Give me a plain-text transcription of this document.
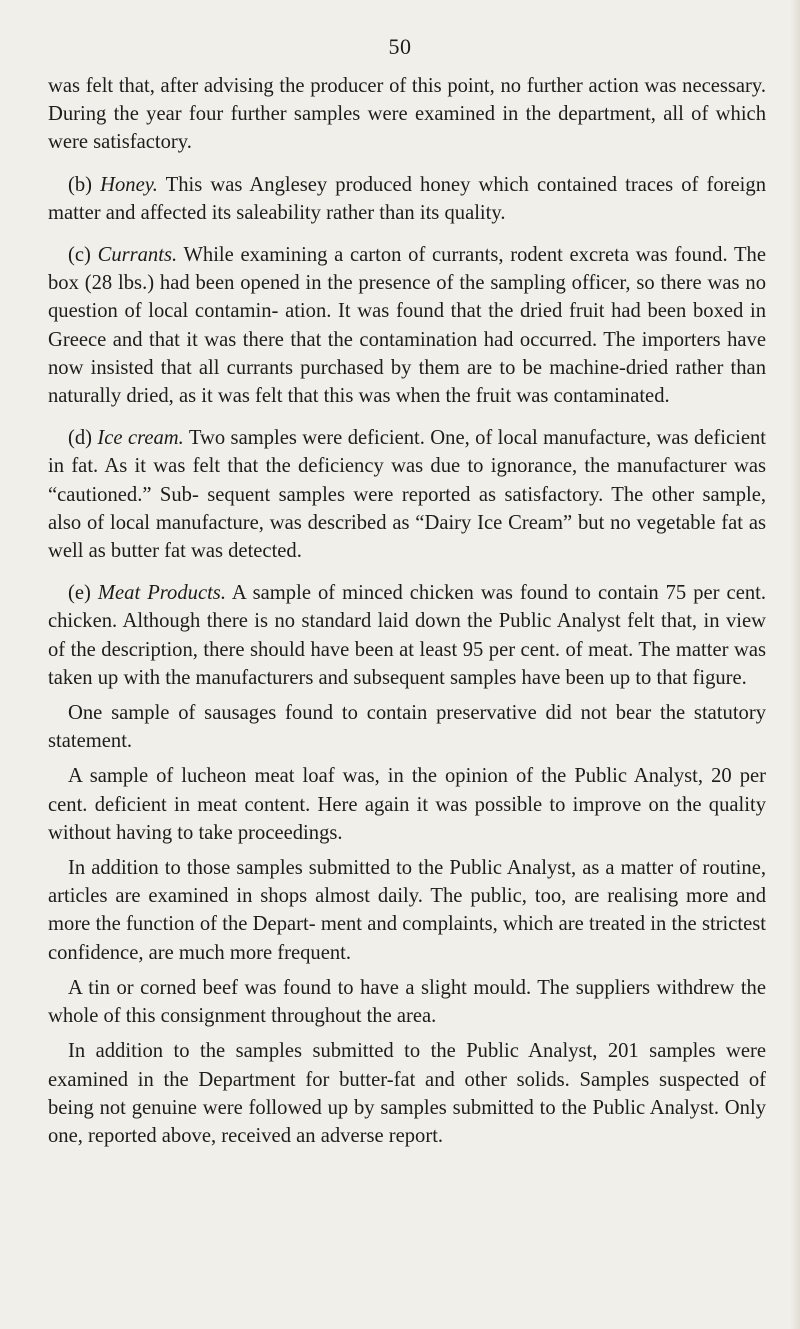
50

was felt that, after advising the producer of this point, no further action was necessary. During the year four further samples were examined in the department, all of which were satisfactory.

(b) Honey. This was Anglesey produced honey which contained traces of foreign matter and affected its saleability rather than its quality.

(c) Currants. While examining a carton of currants, rodent excreta was found. The box (28 lbs.) had been opened in the presence of the sampling officer, so there was no question of local contamin- ation. It was found that the dried fruit had been boxed in Greece and that it was there that the contamination had occurred. The importers have now insisted that all currants purchased by them are to be machine-dried rather than naturally dried, as it was felt that this was when the fruit was contaminated.

(d) Ice cream. Two samples were deficient. One, of local manufacture, was deficient in fat. As it was felt that the deficiency was due to ignorance, the manufacturer was “cautioned.” Sub- sequent samples were reported as satisfactory. The other sample, also of local manufacture, was described as “Dairy Ice Cream” but no vegetable fat as well as butter fat was detected.

(e) Meat Products. A sample of minced chicken was found to contain 75 per cent. chicken. Although there is no standard laid down the Public Analyst felt that, in view of the description, there should have been at least 95 per cent. of meat. The matter was taken up with the manufacturers and subsequent samples have been up to that figure.

One sample of sausages found to contain preservative did not bear the statutory statement.

A sample of lucheon meat loaf was, in the opinion of the Public Analyst, 20 per cent. deficient in meat content. Here again it was possible to improve on the quality without having to take proceedings.

In addition to those samples submitted to the Public Analyst, as a matter of routine, articles are examined in shops almost daily. The public, too, are realising more and more the function of the Depart- ment and complaints, which are treated in the strictest confidence, are much more frequent.

A tin or corned beef was found to have a slight mould. The suppliers withdrew the whole of this consignment throughout the area.

In addition to the samples submitted to the Public Analyst, 201 samples were examined in the Department for butter-fat and other solids. Samples suspected of being not genuine were followed up by samples submitted to the Public Analyst. Only one, reported above, received an adverse report.
